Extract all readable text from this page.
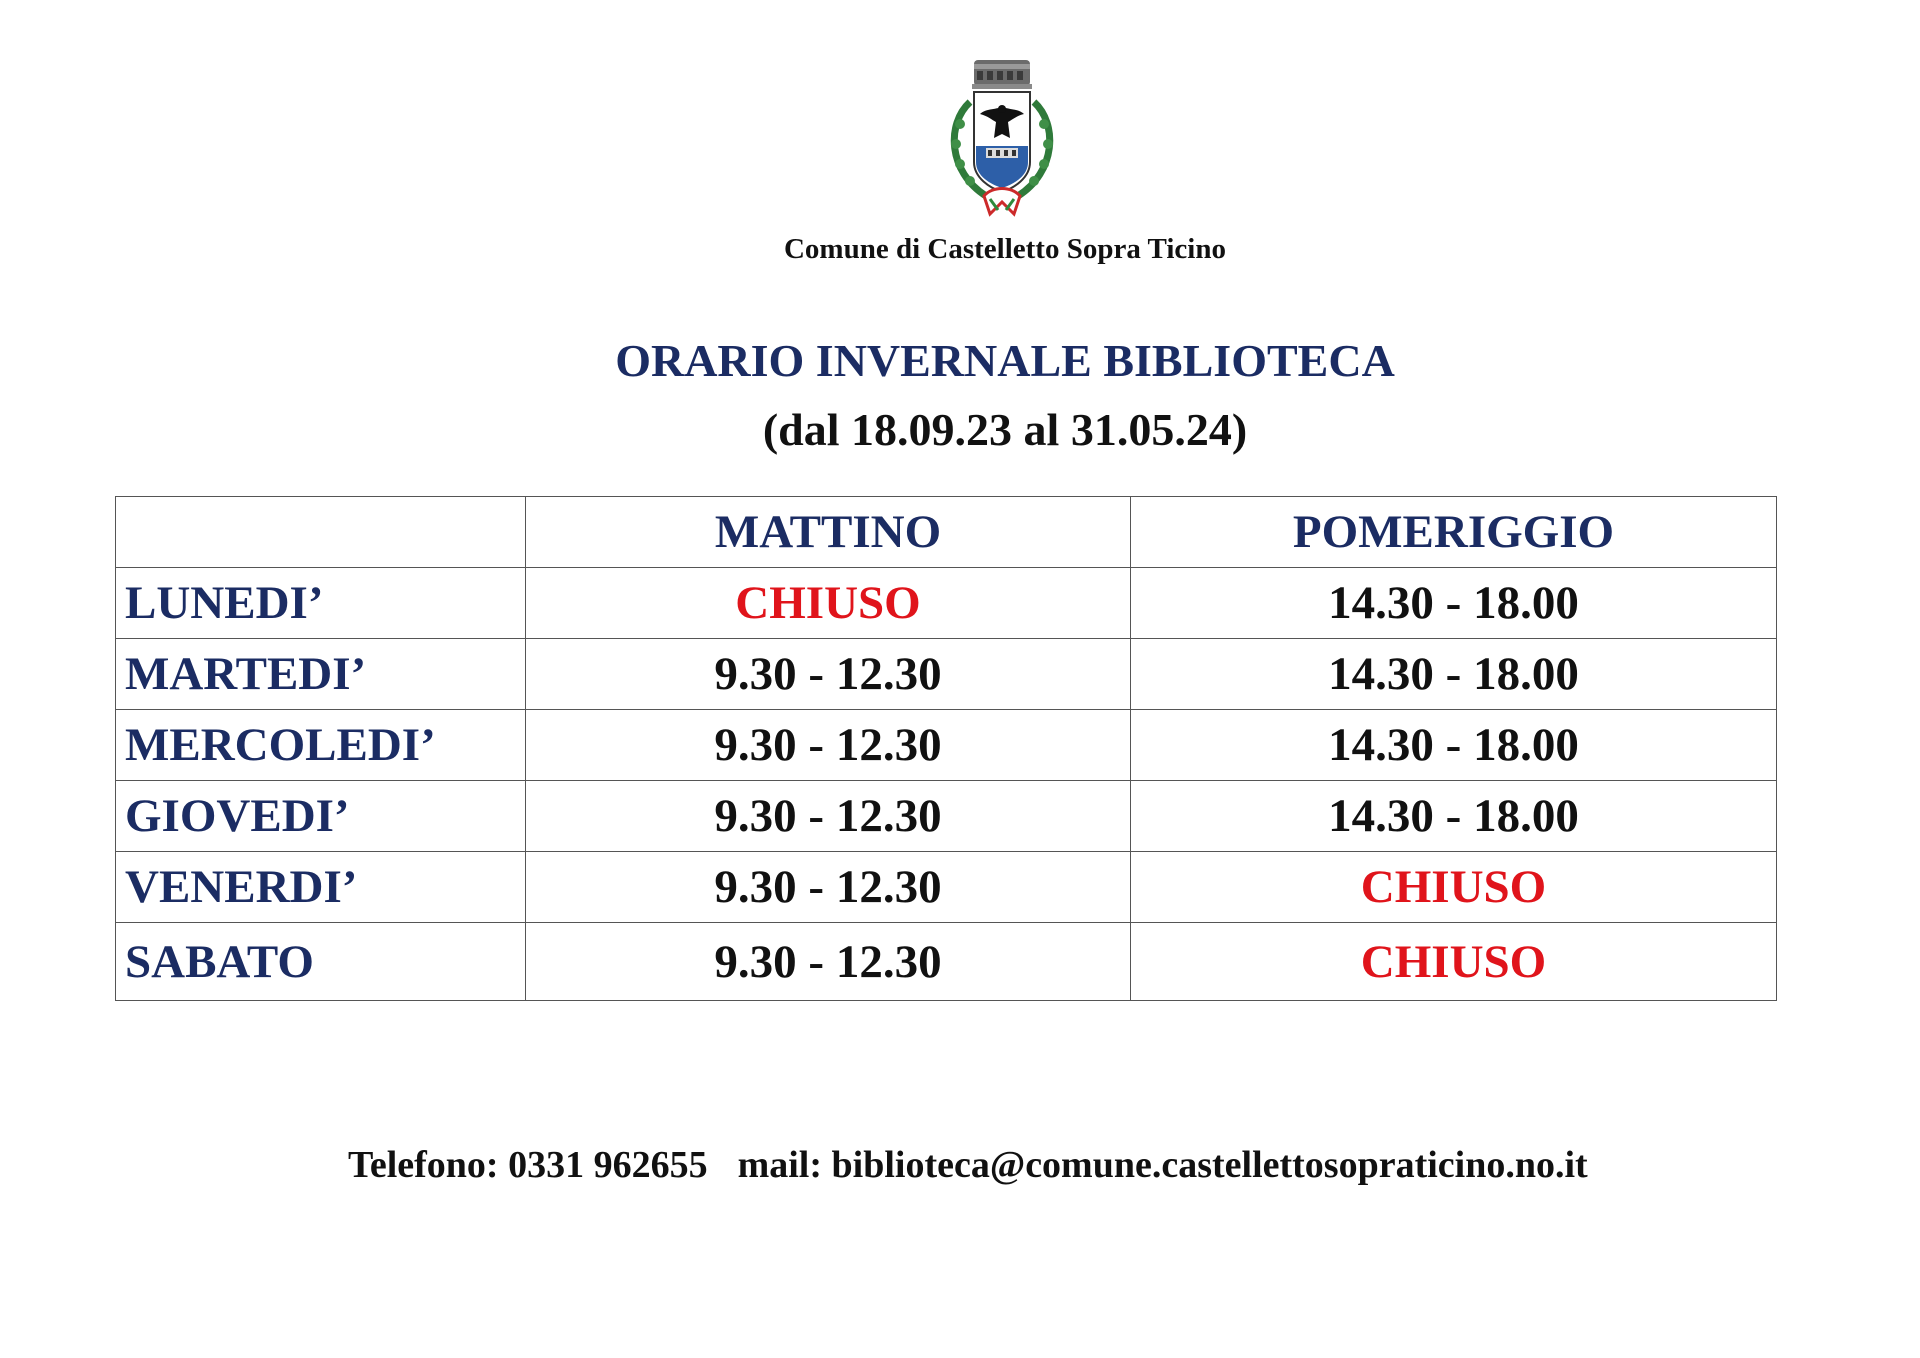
Comune di Castelletto Sopra Ticino
ORARIO INVERNALE BIBLIOTECA
(dal 18.09.23 al 31.05.24)
	MATTINO	POMERIGGIO
LUNEDI’	CHIUSO	14.30 - 18.00
MARTEDI’	9.30 - 12.30	14.30 - 18.00
MERCOLEDI’	9.30 - 12.30	14.30 - 18.00
GIOVEDI’	9.30 - 12.30	14.30 - 18.00
VENERDI’	9.30 - 12.30	CHIUSO
SABATO	9.30 - 12.30	CHIUSO
Telefono: 0331 962655 mail: biblioteca@comune.castellettosopraticino.no.it
